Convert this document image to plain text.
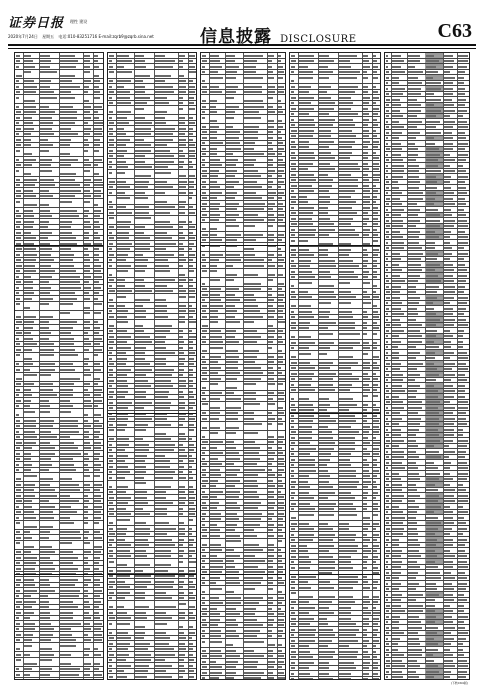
证券日报 理性 建设
2020年7月24日 星期五 电话:010-83251716 E-mail:zqrb9@zqrb.sina.net	信息披露 DISCLOSURE	C63
(下转C64版)
